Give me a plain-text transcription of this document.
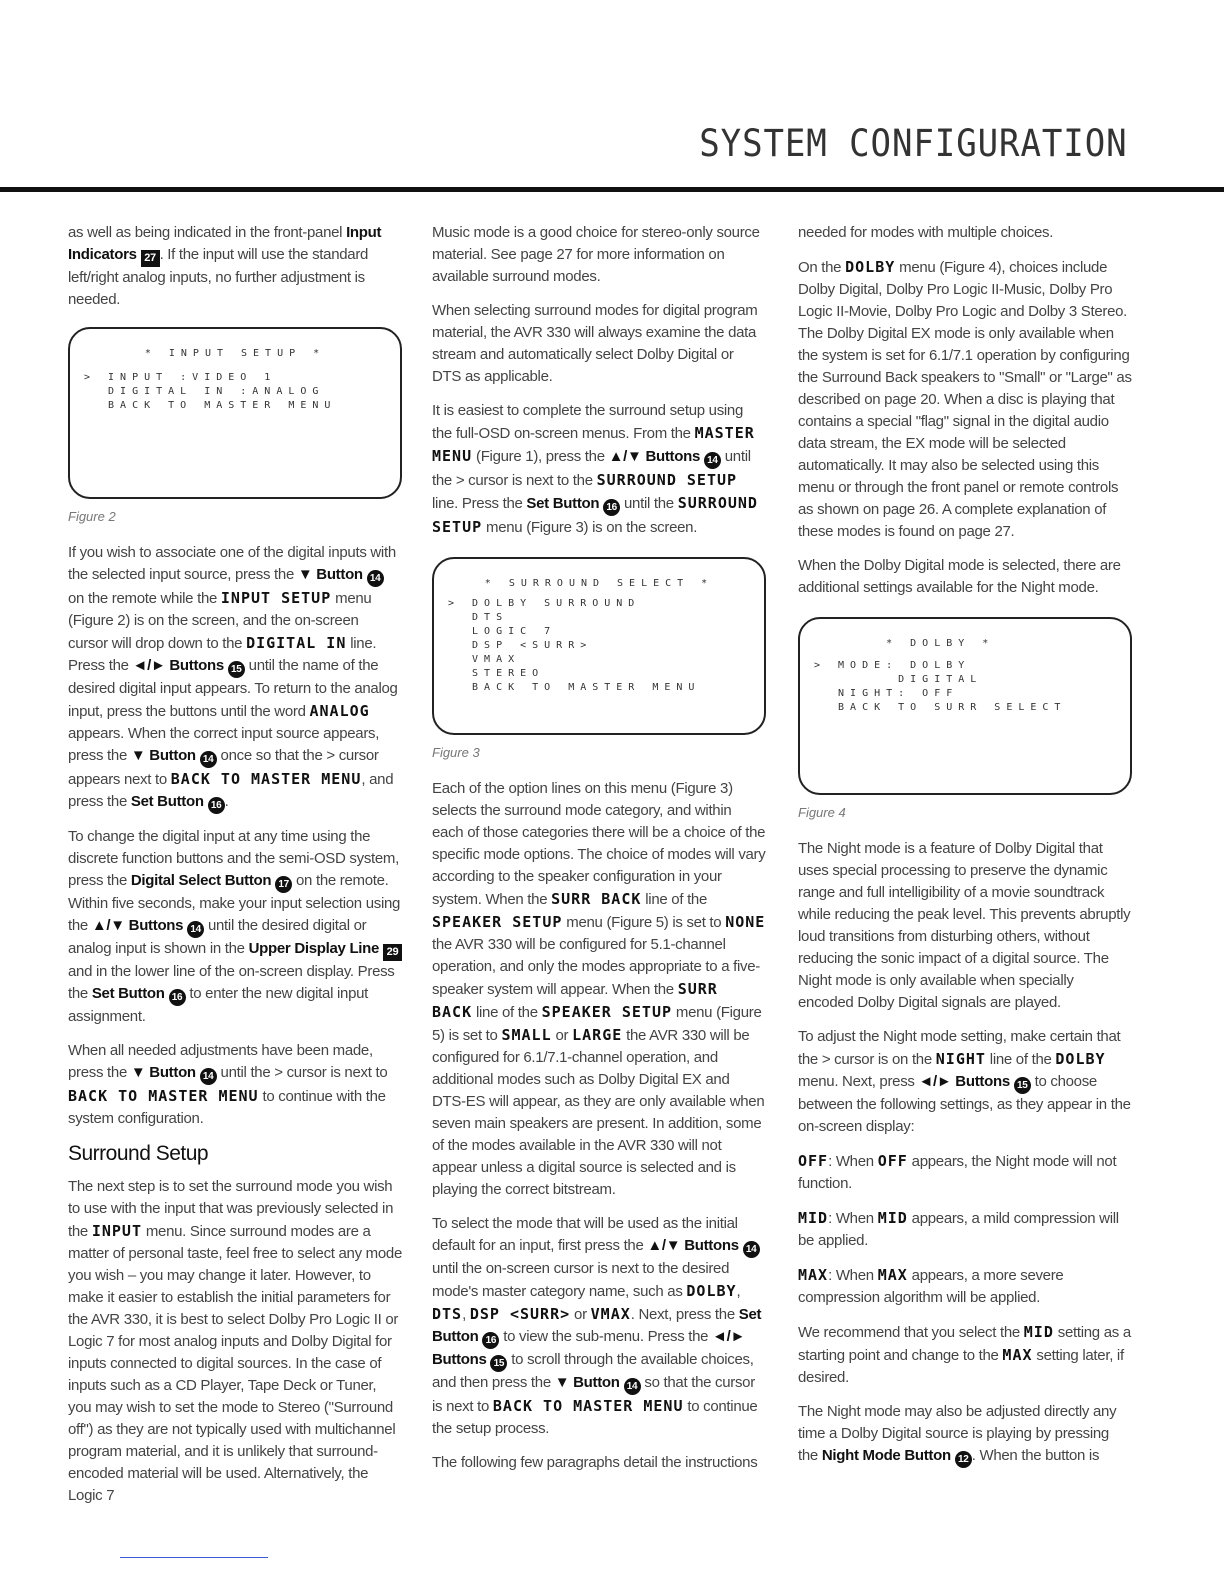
SYSTEM CONFIGURATION

as well as being indicated in the front-panel Input Indicators 27 . If the input will use the standard left/right analog inputs, no further adjustment is needed.

* INPUT SETUP *
> INPUT :VIDEO 1
DIGITAL IN :ANALOG
BACK TO MASTER MENU
Figure 2

If you wish to associate one of the digital inputs with the selected input source, press the ▼ Button 14 on the remote while the INPUT SETUP menu (Figure 2) is on the screen, and the on-screen cursor will drop down to the DIGITAL IN line. Press the ◄/► Buttons 15 until the name of the desired digital input appears. To return to the analog input, press the buttons until the word ANALOG appears. When the correct input source appears, press the ▼ Button 14 once so that the > cursor appears next to BACK TO MASTER MENU, and press the Set Button 16 .

To change the digital input at any time using the discrete function buttons and the semi-OSD system, press the Digital Select Button 17 on the remote. Within five seconds, make your input selection using the ▲/▼ Buttons 14 until the desired digital or analog input is shown in the Upper Display Line 29 and in the lower line of the on-screen display. Press the Set Button 16 to enter the new digital input assignment.

When all needed adjustments have been made, press the ▼ Button 14 until the > cursor is next to BACK TO MASTER MENU to continue with the system configuration.

Surround Setup

The next step is to set the surround mode you wish to use with the input that was previously selected in the INPUT menu. Since surround modes are a matter of personal taste, feel free to select any mode you wish – you may change it later. However, to make it easier to establish the initial parameters for the AVR 330, it is best to select Dolby Pro Logic II or Logic 7 for most analog inputs and Dolby Digital for inputs connected to digital sources. In the case of inputs such as a CD Player, Tape Deck or Tuner, you may wish to set the mode to Stereo ("Surround off") as they are not typically used with multichannel program material, and it is unlikely that surround-encoded material will be used. Alternatively, the Logic 7

Music mode is a good choice for stereo-only source material. See page 27 for more information on available surround modes.

When selecting surround modes for digital program material, the AVR 330 will always examine the data stream and automatically select Dolby Digital or DTS as applicable.

It is easiest to complete the surround setup using the full-OSD on-screen menus. From the MASTER MENU (Figure 1), press the ▲/▼ Buttons 14 until the > cursor is next to the SURROUND SETUP line. Press the Set Button 16 until the SURROUND SETUP menu (Figure 3) is on the screen.

* SURROUND SELECT *
> DOLBY SURROUND
DTS
LOGIC 7
DSP <SURR>
VMAX
STEREO
BACK TO MASTER MENU
Figure 3

Each of the option lines on this menu (Figure 3) selects the surround mode category, and within each of those categories there will be a choice of the specific mode options. The choice of modes will vary according to the speaker configuration in your system. When the SURR BACK line of the SPEAKER SETUP menu (Figure 5) is set to NONE the AVR 330 will be configured for 5.1-channel operation, and only the modes appropriate to a five-speaker system will appear. When the SURR BACK line of the SPEAKER SETUP menu (Figure 5) is set to SMALL or LARGE the AVR 330 will be configured for 6.1/7.1-channel operation, and additional modes such as Dolby Digital EX and DTS-ES will appear, as they are only available when seven main speakers are present. In addition, some of the modes available in the AVR 330 will not appear unless a digital source is selected and is playing the correct bitstream.

To select the mode that will be used as the initial default for an input, first press the ▲/▼ Buttons 14 until the on-screen cursor is next to the desired mode's master category name, such as DOLBY, DTS, DSP <SURR> or VMAX. Next, press the Set Button 16 to view the sub-menu. Press the ◄/► Buttons 15 to scroll through the available choices, and then press the ▼ Button 14 so that the cursor is next to BACK TO MASTER MENU to continue the setup process.

The following few paragraphs detail the instructions

needed for modes with multiple choices.

On the DOLBY menu (Figure 4), choices include Dolby Digital, Dolby Pro Logic II-Music, Dolby Pro Logic II-Movie, Dolby Pro Logic and Dolby 3 Stereo. The Dolby Digital EX mode is only available when the system is set for 6.1/7.1 operation by configuring the Surround Back speakers to "Small" or "Large" as described on page 20. When a disc is playing that contains a special "flag" signal in the digital audio data stream, the EX mode will be selected automatically. It may also be selected using this menu or through the front panel or remote controls as shown on page 26. A complete explanation of these modes is found on page 27.

When the Dolby Digital mode is selected, there are additional settings available for the Night mode.

* DOLBY *
> MODE: DOLBY
DIGITAL
NIGHT: OFF
BACK TO SURR SELECT
Figure 4

The Night mode is a feature of Dolby Digital that uses special processing to preserve the dynamic range and full intelligibility of a movie soundtrack while reducing the peak level. This prevents abruptly loud transitions from disturbing others, without reducing the sonic impact of a digital source. The Night mode is only available when specially encoded Dolby Digital signals are played.

To adjust the Night mode setting, make certain that the > cursor is on the NIGHT line of the DOLBY menu. Next, press ◄/► Buttons 15 to choose between the following settings, as they appear in the on-screen display:

OFF: When OFF appears, the Night mode will not function.

MID: When MID appears, a mild compression will be applied.

MAX: When MAX appears, a more severe compression algorithm will be applied.

We recommend that you select the MID setting as a starting point and change to the MAX setting later, if desired.

The Night mode may also be adjusted directly any time a Dolby Digital source is playing by pressing the Night Mode Button 12 . When the button is
